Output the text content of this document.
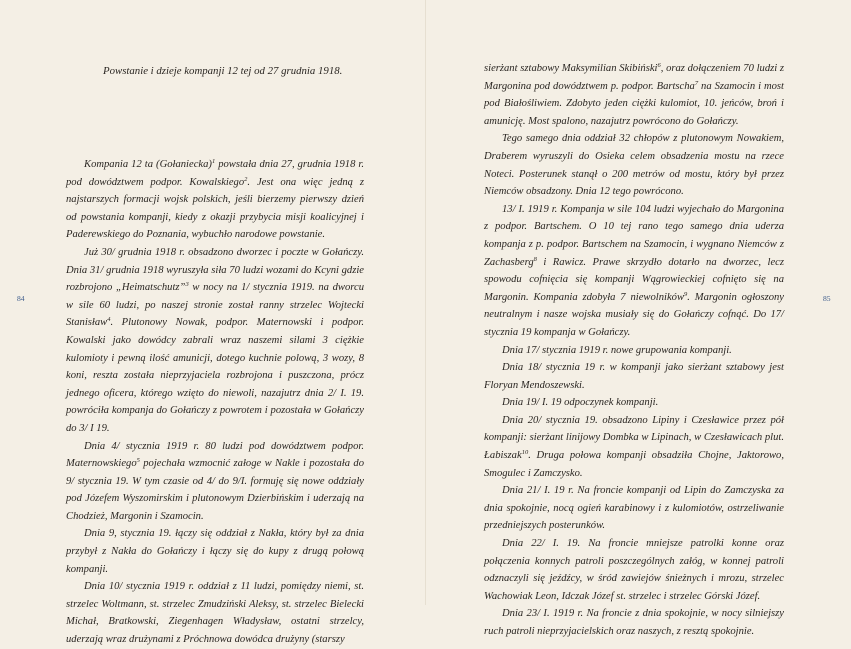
Powstanie i dzieje kompanji 12 tej od 27 grudnia 1918.

Kompania 12 ta (Gołaniecka)$^1$ powstała dnia 27, grudnia 1918 r. pod dowództwem podpor. Kowalskiego$^2$. Jest ona więc jedną z najstarszych formacji wojsk polskich, jeśli bierzemy pierwszy dzień od powstania kompanji, kiedy z okazji przybycia misji koalicyjnej i Paderewskiego do Poznania, wybuchło narodowe powstanie.

Już 30/ grudnia 1918 r. obsadzono dworzec i poczte w Gołańczy. Dnia 31/ grudnia 1918 wyruszyła siła 70 ludzi wozami do Kcyni gdzie rozbrojono „Heimatschutz”$^3$ w nocy na 1/ stycznia 1919. na dworcu w sile 60 ludzi, po naszej stronie został ranny strzelec Wojtecki Stanisław$^4$. Plutonowy Nowak, podpor. Maternowski i podpor. Kowalski jako dowódcy zabrali wraz naszemi silami 3 ciężkie kulomioty i pewną ilość amunicji, dotego kuchnie polową, 3 wozy, 8 koni, reszta została nieprzyjaciela rozbrojona i puszczona, prócz jednego oficera, którego wzięto do niewoli, nazajutrz dnia 2/ I. 19. powróciła kompanja do Gołańczy z powrotem i pozostała w Gołańczy do 3/ I 19.

Dnia 4/ stycznia 1919 r. 80 ludzi pod dowództwem podpor. Maternowskiego$^5$ pojechała wzmocnić załoge w Nakle i pozostała do 9/ stycznia 19. W tym czasie od 4/ do 9/I. formuję się nowe oddziały pod Józefem Wyszomirskim i plutonowym Dzierbińskim i uderzają na Chodzież, Margonin i Szamocin.

Dnia 9, stycznia 19. łączy się oddział z Nakła, który był za dnia przybył z Nakła do Gołańczy i łączy się do kupy z drugą połową kompanji.

Dnia 10/ stycznia 1919 r. oddział z 11 ludzi, pomiędzy niemi, st. strzelec Woltmann, st. strzelec Zmudziński Aleksy, st. strzelec Bielecki Michał, Bratkowski, Ziegenhagen Władysław, ostatni strzelcy, uderzają wraz drużynami z Próchnowa dowódca drużyny (starszy

84

sierżant sztabowy Maksymilian Skibiński$^6$, oraz dołączeniem 70 ludzi z Margonina pod dowództwem p. podpor. Bartscha$^7$ na Szamocin i most pod Białośliwiem. Zdobyto jeden ciężki kulomiot, 10. jeńców, broń i amunicję. Most spalono, nazajutrz powrócono do Gołańczy.

Tego samego dnia oddział 32 chłopów z plutonowym Nowakiem, Draberem wyruszyli do Osieka celem obsadzenia mostu na rzece Noteci. Posterunek stanął o 200 metrów od mostu, który był przez Niemców obsadzony. Dnia 12 tego powrócono.

13/ I. 1919 r. Kompanja w sile 104 ludzi wyjechało do Margonina z podpor. Bartschem. O 10 tej rano tego samego dnia uderza kompanja z p. podpor. Bartschem na Szamocin, i wygnano Niemców z Zachasberg$^8$ i Rawicz. Prawe skrzydło dotarło na dworzec, lecz spowodu cofnięcia się kompanji Wągrowieckiej cofnięto się na Margonin. Kompania zdobyła 7 niewolników$^9$. Margonin ogłoszony neutralnym i nasze wojska musiały się do Gołańczy cofnąć. Do 17/ stycznia 19 kompanja w Gołańczy.

Dnia 17/ stycznia 1919 r. nowe grupowania kompanji.

Dnia 18/ stycznia 19 r. w kompanji jako sierżant sztabowy jest Floryan Mendoszewski.

Dnia 19/ I. 19 odpoczynek kompanji.

Dnia 20/ stycznia 19. obsadzono Lipiny i Czesławice przez pół kompanji: sierżant linijowy Dombka w Lipinach, w Czesławicach plut. Łabiszak$^{10}$. Druga połowa kompanji obsadziła Chojne, Jaktorowo, Smogulec i Zamczysko.

Dnia 21/ I. 19 r. Na froncie kompanji od Lipin do Zamczyska za dnia spokojnie, nocą ogień karabinowy i z kulomiotów, ostrzeliwanie przedniejszych posterunków.

Dnia 22/ I. 19. Na froncie mniejsze patrolki konne oraz połączenia konnych patroli poszczególnych załóg, w konnej patroli odznaczyli się jeźdźcy, w śród zawiejów śnieżnych i mrozu, strzelec Wachowiak Leon, Idczak Józef st. strzelec i strzelec Górski Józef.

Dnia 23/ I. 1919 r. Na froncie z dnia spokojnie, w nocy silniejszy ruch patroli nieprzyjacielskich oraz naszych, z resztą spokojnie.

85
